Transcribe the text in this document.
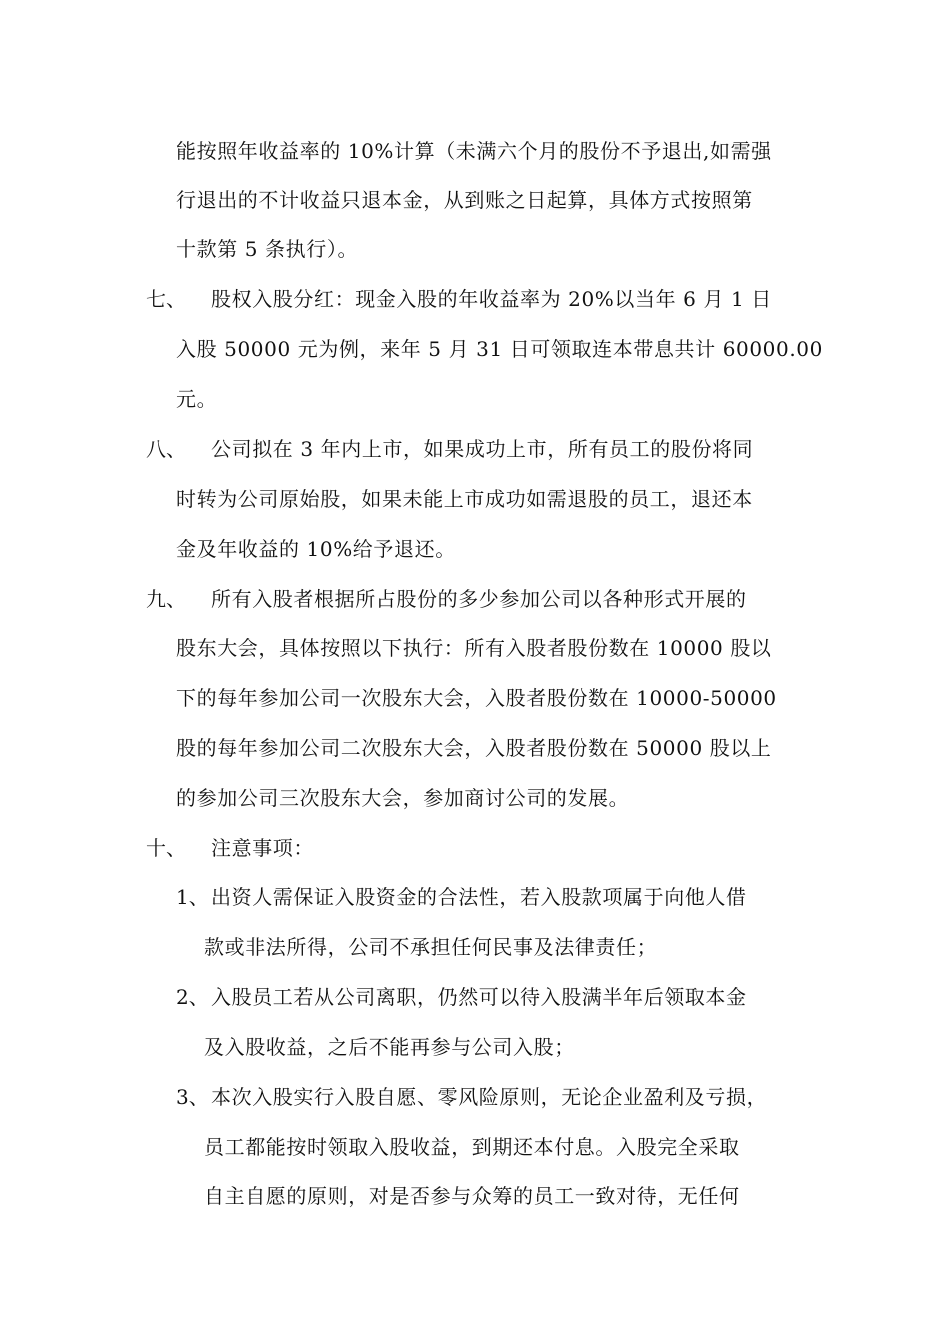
能按照年收益率的 10%计算（未满六个月的股份不予退出,如需强
行退出的不计收益只退本金，从到账之日起算，具体方式按照第
十款第 5 条执行）。
七、 股权入股分红：现金入股的年收益率为 20%以当年 6 月 1 日
入股 50000 元为例，来年 5 月 31 日可领取连本带息共计 60000.00
元。
八、 公司拟在 3 年内上市，如果成功上市，所有员工的股份将同
时转为公司原始股，如果未能上市成功如需退股的员工，退还本
金及年收益的 10%给予退还。
九、 所有入股者根据所占股份的多少参加公司以各种形式开展的
股东大会，具体按照以下执行：所有入股者股份数在 10000 股以
下的每年参加公司一次股东大会，入股者股份数在 10000-50000
股的每年参加公司二次股东大会，入股者股份数在 50000 股以上
的参加公司三次股东大会，参加商讨公司的发展。
十、 注意事项：
1、 出资人需保证入股资金的合法性，若入股款项属于向他人借
款或非法所得，公司不承担任何民事及法律责任；
2、 入股员工若从公司离职，仍然可以待入股满半年后领取本金
及入股收益，之后不能再参与公司入股；
3、 本次入股实行入股自愿、零风险原则，无论企业盈利及亏损，
员工都能按时领取入股收益，到期还本付息。入股完全采取
自主自愿的原则，对是否参与众筹的员工一致对待，无任何
